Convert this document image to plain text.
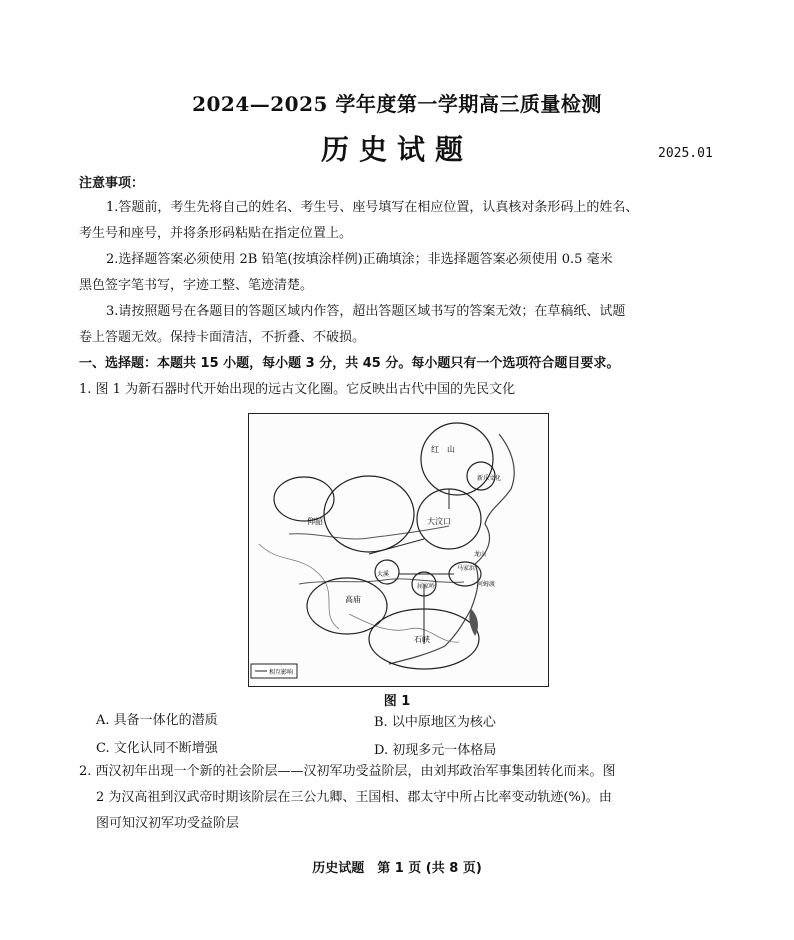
2024—2025 学年度第一学期高三质量检测
历史试题	2025.01
注意事项：
1.答题前，考生先将自己的姓名、考生号、座号填写在相应位置，认真核对条形码上的姓名、
考生号和座号，并将条形码粘贴在指定位置上。
2.选择题答案必须使用 2B 铅笔(按填涂样例)正确填涂；非选择题答案必须使用 0.5 毫米
黑色签字笔书写，字迹工整、笔迹清楚。
3.请按照题号在各题目的答题区域内作答，超出答题区域书写的答案无效；在草稿纸、试题
卷上答题无效。保持卡面清洁，不折叠、不破损。
一、选择题：本题共 15 小题，每小题 3 分，共 45 分。每小题只有一个选项符合题目要求。
1. 图 1 为新石器时代开始出现的远古文化圈。它反映出古代中国的先民文化
红　山
新乐文化
仰韶	大汶口
大溪
屈家岭
马家浜
河姆渡
龙山
高庙
石峡
相互影响
图 1
A. 具备一体化的潜质	B. 以中原地区为核心
C. 文化认同不断增强	D. 初现多元一体格局
2. 西汉初年出现一个新的社会阶层——汉初军功受益阶层，由刘邦政治军事集团转化而来。图
2 为汉高祖到汉武帝时期该阶层在三公九卿、王国相、郡太守中所占比率变动轨迹(%)。由
图可知汉初军功受益阶层
历史试题　第 1 页 (共 8 页)
